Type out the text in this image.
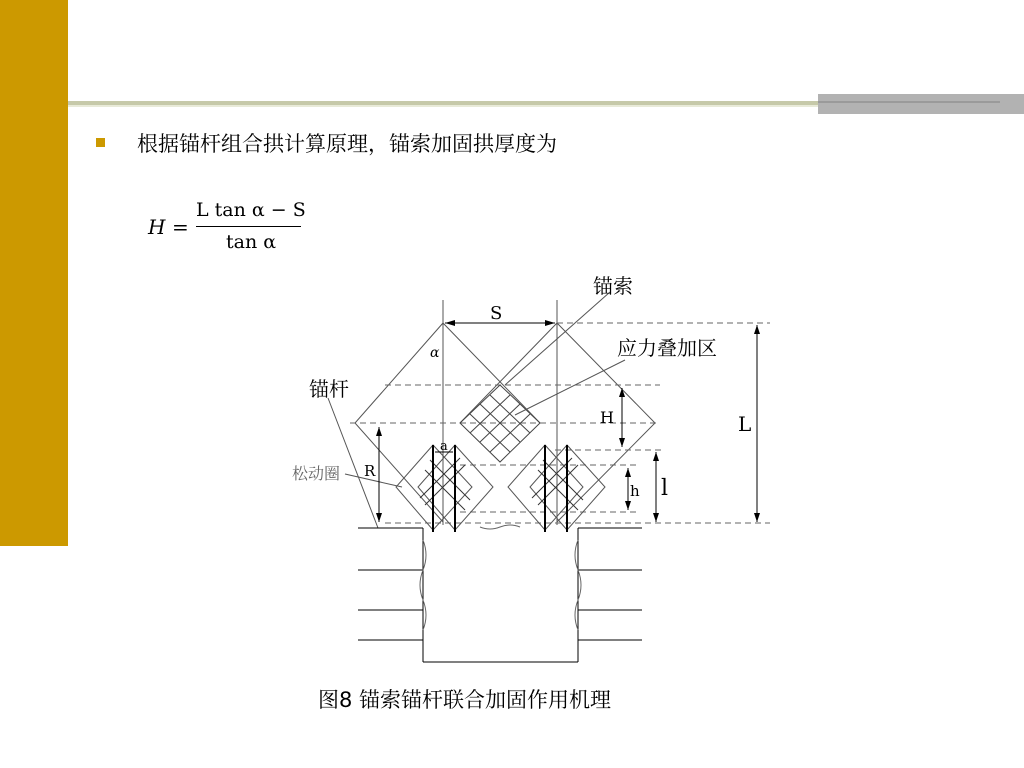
根据锚杆组合拱计算原理，锚索加固拱厚度为
H =
L tan α − S
tan α
锚索
应力叠加区
锚杆
松动圈
S
α
H	L
a
R
h l
图8 锚索锚杆联合加固作用机理
